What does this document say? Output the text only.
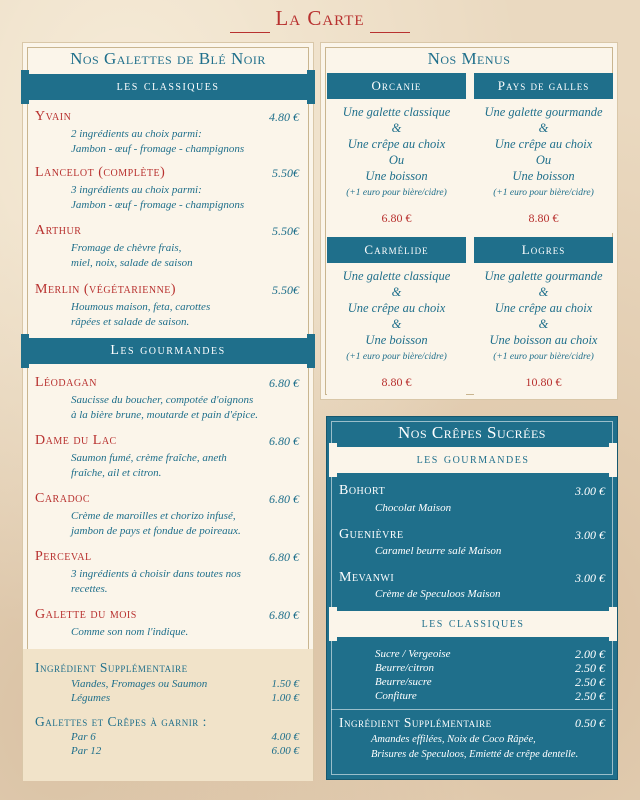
La Carte
Nos Galettes de Blé Noir
les classiques
Yvain	4.80 €
2 ingrédients au choix parmi:
Jambon - œuf - fromage - champignons
Lancelot (complète)	5.50€
3 ingrédients au choix parmi:
Jambon - œuf - fromage - champignons
Arthur	5.50€
Fromage de chèvre frais,
miel, noix, salade de saison
Merlin (végétarienne)	5.50€
Houmous maison, feta, carottes
râpées et salade de saison.
Les gourmandes
Léodagan	6.80 €
Saucisse du boucher, compotée d'oignons
à la bière brune, moutarde et pain d'épice.
Dame du Lac	6.80 €
Saumon fumé, crème fraîche, aneth
fraîche, ail et citron.
Caradoc	6.80 €
Crème de maroilles et chorizo infusé,
jambon de pays et fondue de poireaux.
Perceval	6.80 €
3 ingrédients à choisir dans toutes nos
recettes.
Galette du mois	6.80 €
Comme son nom l'indique.
Ingrédient Supplémentaire
Viandes, Fromages ou Saumon	1.50 €
Légumes	1.00 €
Galettes et Crêpes à garnir :
Par 6	4.00 €
Par 12	6.00 €
Nos Menus
Orcanie
Une galette classique
&
Une crêpe au choix
Ou
Une boisson
(+1 euro pour bière/cidre)
6.80 €
Pays de galles
Une galette gourmande
&
Une crêpe au choix
Ou
Une boisson
(+1 euro pour bière/cidre)
8.80 €
Carmélide
Une galette classique
&
Une crêpe au choix
&
Une boisson
(+1 euro pour bière/cidre)
8.80 €
Logres
Une galette gourmande
&
Une crêpe au choix
&
Une boisson au choix
(+1 euro pour bière/cidre)
10.80 €
Nos Crêpes Sucrées
les gourmandes
Bohort	3.00 €
Chocolat Maison
Guenièvre	3.00 €
Caramel beurre salé Maison
Mevanwi	3.00 €
Crème de Speculoos Maison
les classiques
Sucre / Vergeoise	2.00 €
Beurre/citron	2.50 €
Beurre/sucre	2.50 €
Confiture	2.50 €
Ingrédient Supplémentaire	0.50 €
Amandes effilées, Noix de Coco Râpée,
Brisures de Speculoos, Emietté de crêpe dentelle.
